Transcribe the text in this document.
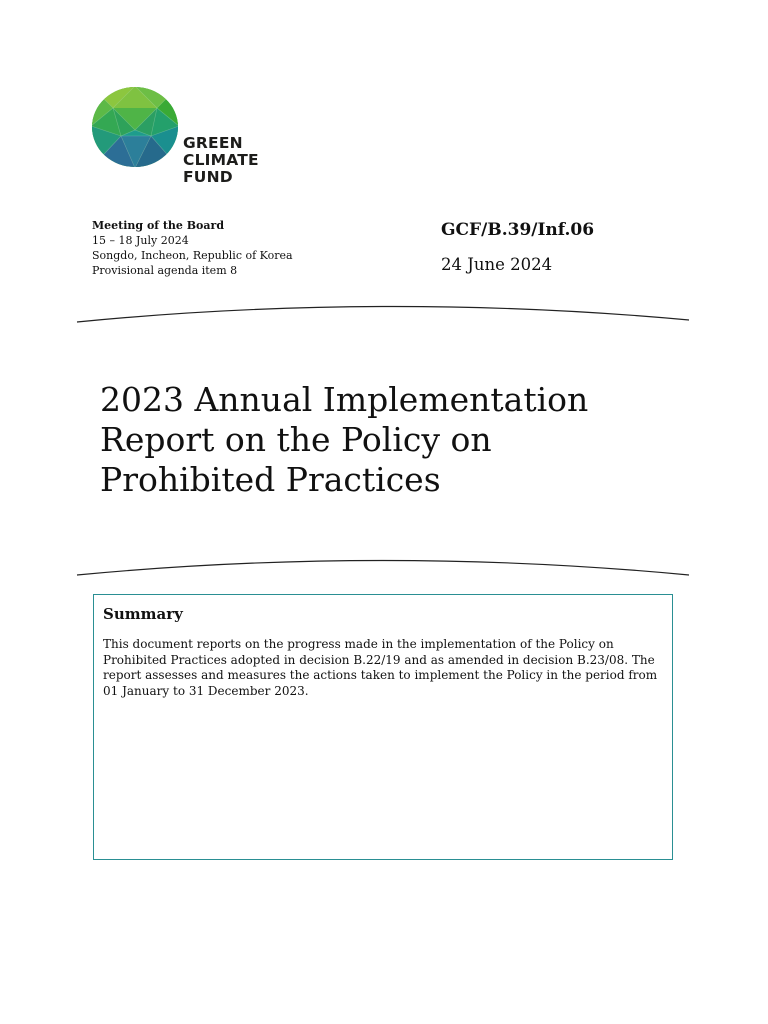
GREEN
CLIMATE
FUND
Meeting of the Board
15 – 18 July 2024
Songdo, Incheon, Republic of Korea
Provisional agenda item 8
GCF/B.39/Inf.06
24 June 2024
2023 Annual Implementation
Report on the Policy on
Prohibited Practices
Summary
This document reports on the progress made in the implementation of the Policy on Prohibited Practices adopted in decision B.22/19 and as amended in decision B.23/08. The report assesses and measures the actions taken to implement the Policy in the period from 01 January to 31 December 2023.
